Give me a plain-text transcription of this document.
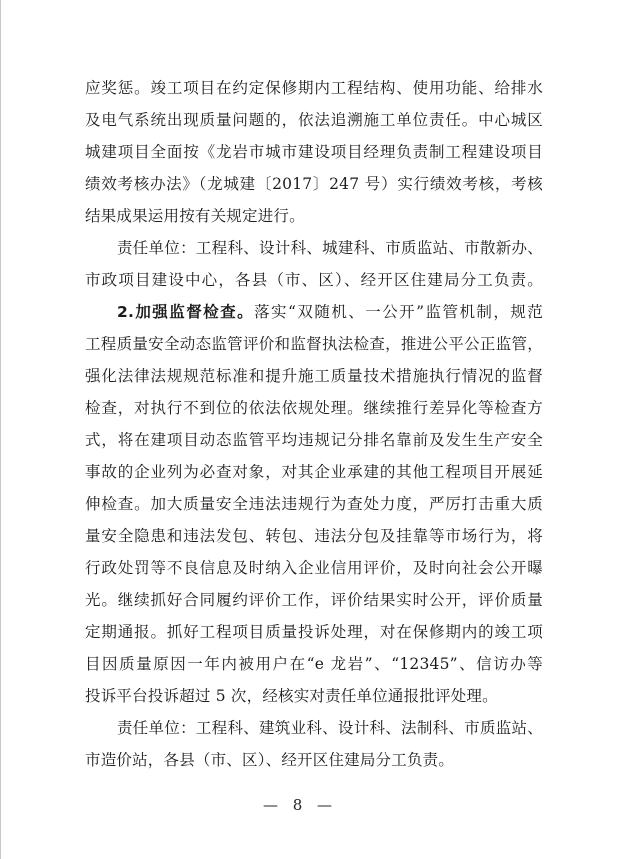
应奖惩。竣工项目在约定保修期内工程结构、使用功能、给排水
及电气系统出现质量问题的，依法追溯施工单位责任。中心城区
城建项目全面按《龙岩市城市建设项目经理负责制工程建设项目
绩效考核办法》（龙城建〔2017〕247 号）实行绩效考核，考核
结果成果运用按有关规定进行。
责任单位：工程科、设计科、城建科、市质监站、市散新办、
市政项目建设中心，各县（市、区）、经开区住建局分工负责。
2.加强监督检查。落实“双随机、一公开”监管机制，规范
工程质量安全动态监管评价和监督执法检查，推进公平公正监管，
强化法律法规规范标准和提升施工质量技术措施执行情况的监督
检查，对执行不到位的依法依规处理。继续推行差异化等检查方
式，将在建项目动态监管平均违规记分排名靠前及发生生产安全
事故的企业列为必查对象，对其企业承建的其他工程项目开展延
伸检查。加大质量安全违法违规行为查处力度，严厉打击重大质
量安全隐患和违法发包、转包、违法分包及挂靠等市场行为，将
行政处罚等不良信息及时纳入企业信用评价，及时向社会公开曝
光。继续抓好合同履约评价工作，评价结果实时公开，评价质量
定期通报。抓好工程项目质量投诉处理，对在保修期内的竣工项
目因质量原因一年内被用户在“e 龙岩”、“12345”、信访办等
投诉平台投诉超过 5 次，经核实对责任单位通报批评处理。
责任单位：工程科、建筑业科、设计科、法制科、市质监站、
市造价站，各县（市、区）、经开区住建局分工负责。
— 8 —
